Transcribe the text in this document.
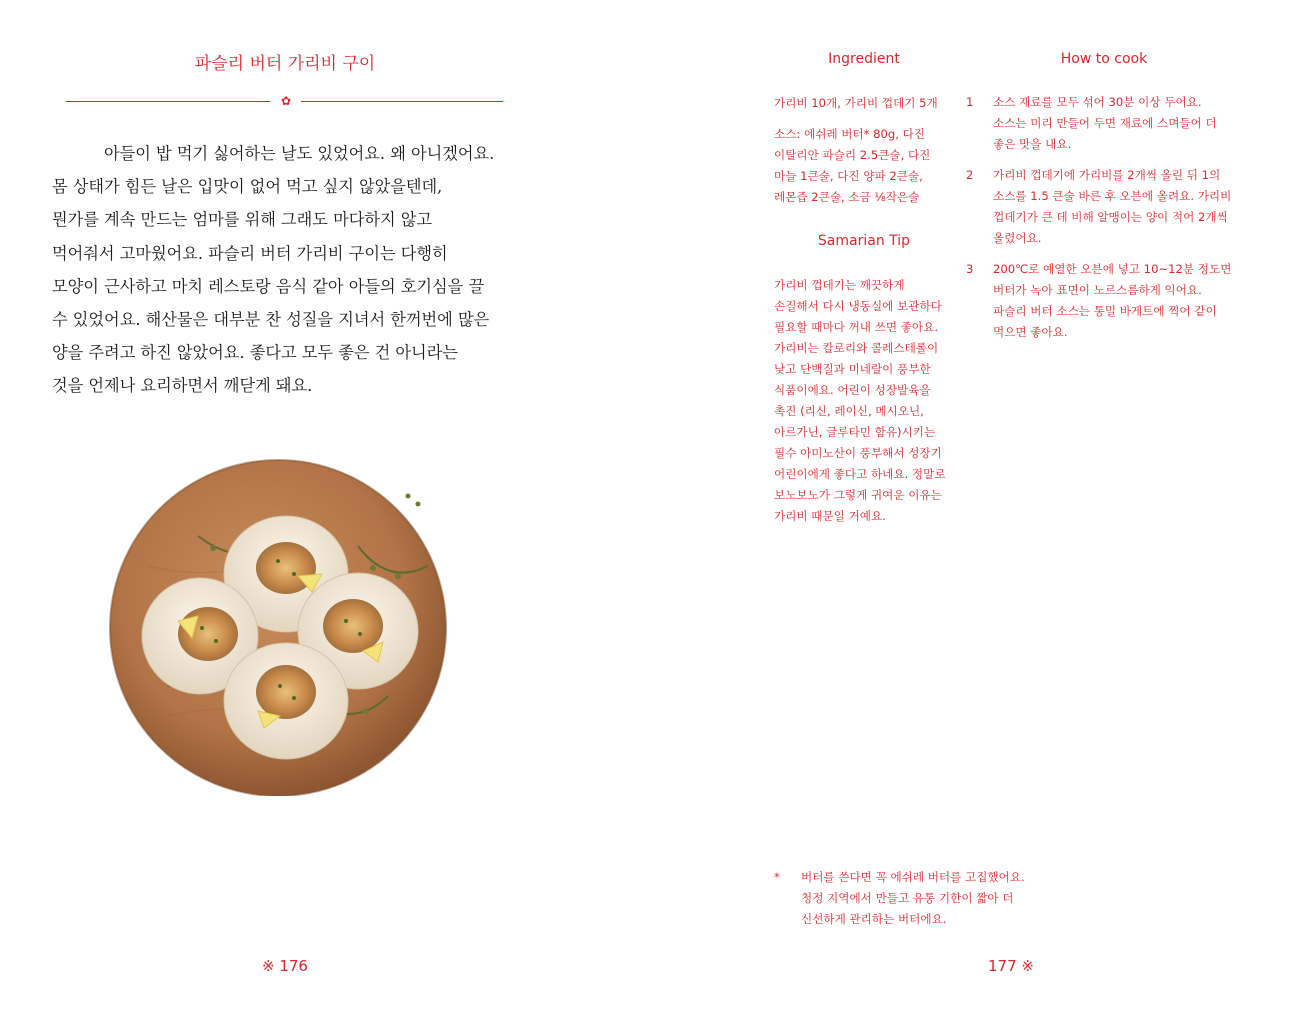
파슬리 버터 가리비 구이
✿

아들이 밥 먹기 싫어하는 날도 있었어요. 왜 아니겠어요.
몸 상태가 힘든 날은 입맛이 없어 먹고 싶지 않았을텐데,
뭔가를 계속 만드는 엄마를 위해 그래도 마다하지 않고
먹어줘서 고마웠어요. 파슬리 버터 가리비 구이는 다행히
모양이 근사하고 마치 레스토랑 음식 같아 아들의 호기심을 끌
수 있었어요. 해산물은 대부분 찬 성질을 지녀서 한꺼번에 많은
양을 주려고 하진 않았어요. 좋다고 모두 좋은 건 아니라는
것을 언제나 요리하면서 깨닫게 돼요.

※ 176
Ingredient	How to cook

가리비 10개, 가리비 껍데기 5개

소스: 에쉬레 버터* 80g, 다진

이탈리안 파슬리 2.5큰술, 다진

마늘 1큰술, 다진 양파 2큰술,

레몬즙 2큰술, 소금 ⅛작은술

Samarian Tip

가리비 껍데기는 깨끗하게

손질해서 다시 냉동실에 보관하다

필요할 때마다 꺼내 쓰면 좋아요.

가리비는 칼로리와 콜레스테롤이

낮고 단백질과 미네랄이 풍부한

식품이에요. 어린이 성장발육을

촉진 (리신, 레이신, 메시오닌,

아르가닌, 글루타민 함유)시키는

필수 아미노산이 풍부해서 성장기

어린이에게 좋다고 하네요. 정말로

보노보노가 그렇게 귀여운 이유는

가리비 때문일 거예요.

1	소스 재료를 모두 섞어 30분 이상 두어요.

소스는 미리 만들어 두면 재료에 스며들어 더

좋은 맛을 내요.

2	가리비 껍데기에 가리비를 2개씩 올린 뒤 1의

소스를 1.5 큰술 바른 후 오븐에 올려요. 가리비

껍데기가 큰 데 비해 알맹이는 양이 적어 2개씩

올렸어요.

3	200℃로 예열한 오븐에 넣고 10~12분 정도면

버터가 녹아 표면이 노르스름하게 익어요.

파슬리 버터 소스는 통밀 바게트에 찍어 같이

먹으면 좋아요.

*	버터를 쓴다면 꼭 에쉬레 버터를 고집했어요.

청정 지역에서 만들고 유통 기한이 짧아 더

신선하게 관리하는 버터에요.

177 ※
